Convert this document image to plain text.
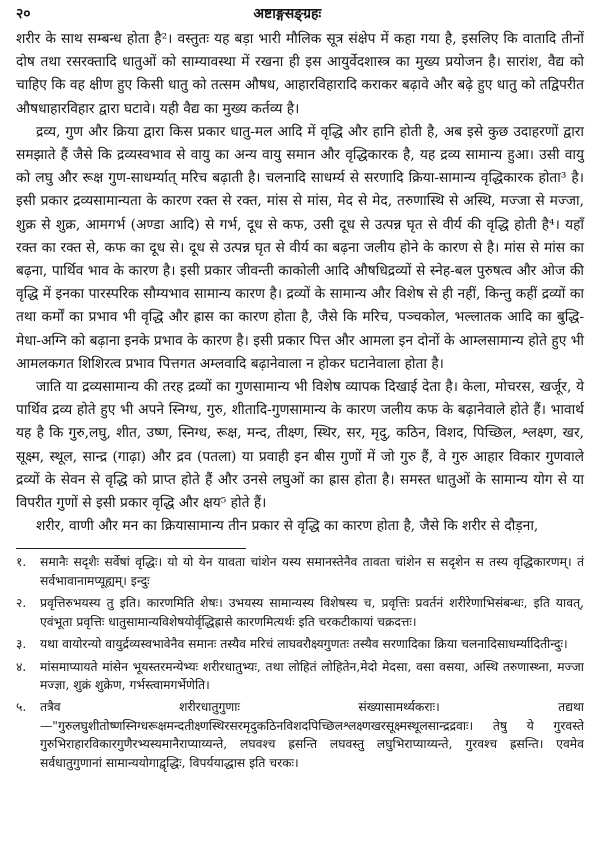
२०	अष्टाङ्गसङ्ग्रहः

शरीर के साथ सम्बन्ध होता है²। वस्तुतः यह बड़ा भारी मौलिक सूत्र संक्षेप में कहा गया है, इसलिए कि वातादि तीनों दोष तथा रसरक्तादि धातुओं को साम्यावस्था में रखना ही इस आयुर्वेदशास्त्र का मुख्य प्रयोजन है। सारांश, वैद्य को चाहिए कि वह क्षीण हुए किसी धातु को तत्सम औषध, आहारविहारादि कराकर बढ़ावे और बढ़े हुए धातु को तद्विपरीत औषधाहारविहार द्वारा घटावे। यही वैद्य का मुख्य कर्तव्य है।

द्रव्य, गुण और क्रिया द्वारा किस प्रकार धातु-मल आदि में वृद्धि और हानि होती है, अब इसे कुछ उदाहरणों द्वारा समझाते हैं जैसे कि द्रव्यस्वभाव से वायु का अन्य वायु समान और वृद्धिकारक है, यह द्रव्य सामान्य हुआ। उसी वायु को लघु और रूक्ष गुण-साधर्म्यात् मरिच बढ़ाती है। चलनादि साधर्म्य से सरणादि क्रिया-सामान्य वृद्धिकारक होता³ है। इसी प्रकार द्रव्यसामान्यता के कारण रक्त से रक्त, मांस से मांस, मेद से मेद, तरुणास्थि से अस्थि, मज्जा से मज्जा, शुक्र से शुक्र, आमगर्भ (अण्डा आदि) से गर्भ, दूध से कफ, उसी दूध से उत्पन्न घृत से वीर्य की वृद्धि होती है⁴। यहाँ रक्त का रक्त से, कफ का दूध से। दूध से उत्पन्न घृत से वीर्य का बढ़ना जलीय होने के कारण से है। मांस से मांस का बढ़ना, पार्थिव भाव के कारण है। इसी प्रकार जीवन्ती काकोली आदि औषधिद्रव्यों से स्नेह-बल पुरुषत्व और ओज की वृद्धि में इनका पारस्परिक सौम्यभाव सामान्य कारण है। द्रव्यों के सामान्य और विशेष से ही नहीं, किन्तु कहीं द्रव्यों का तथा कर्मों का प्रभाव भी वृद्धि और ह्रास का कारण होता है, जैसे कि मरिच, पञ्चकोल, भल्लातक आदि का बुद्धि-मेधा-अग्नि को बढ़ाना इनके प्रभाव के कारण है। इसी प्रकार पित्त और आमला इन दोनों के आम्लसामान्य होते हुए भी आमलकगत शिशिरत्व प्रभाव पित्तगत अम्लवादि बढ़ानेवाला न होकर घटानेवाला होता है।

जाति या द्रव्यसामान्य की तरह द्रव्यों का गुणसामान्य भी विशेष व्यापक दिखाई देता है। केला, मोचरस, खर्जूर, ये पार्थिव द्रव्य होते हुए भी अपने स्निग्ध, गुरु, शीतादि-गुणसामान्य के कारण जलीय कफ के बढ़ानेवाले होते हैं। भावार्थ यह है कि गुरु,लघु, शीत, उष्ण, स्निग्ध, रूक्ष, मन्द, तीक्ष्ण, स्थिर, सर, मृदु, कठिन, विशद, पिच्छिल, श्लक्ष्ण, खर, सूक्ष्म, स्थूल, सान्द्र (गाढ़ा) और द्रव (पतला) या प्रवाही इन बीस गुणों में जो गुरु हैं, वे गुरु आहार विकार गुणवाले द्रव्यों के सेवन से वृद्धि को प्राप्त होते हैं और उनसे लघुओं का ह्रास होता है। समस्त धातुओं के सामान्य योग से या विपरीत गुणों से इसी प्रकार वृद्धि और क्षय⁵ होते हैं।

शरीर, वाणी और मन का क्रियासामान्य तीन प्रकार से वृद्धि का कारण होता है, जैसे कि शरीर से दौड़ना,

१.	समानैः सदृशैः सर्वेषां वृद्धिः। यो यो येन यावता चांशेन यस्य समानस्तेनैव तावता चांशेन स सदृशेन स तस्य वृद्धिकारणम्। तं सर्वभावानामप्यूह्यम्। इन्दुः
२.	प्रवृत्तिरुभयस्य तु इति। कारणमिति शेषः। उभयस्य सामान्यस्य विशेषस्य च, प्रवृत्तिः प्रवर्तनं शरीरेणाभिसंबन्धः, इति यावत्, एवंभूता प्रवृत्तिः धातुसामान्यविशेषयोर्वृद्धिह्रासे कारणमित्यर्थः इति चरकटीकायां चक्रदत्तः।
३.	यथा वायोरन्यो वायुर्द्रव्यस्वभावेनैव समानः तस्यैव मरिचं लाघवरौक्ष्यगुणतः तस्यैव सरणादिका क्रिया चलनादिसाधर्म्यादितीन्दुः।
४.	मांसमाप्यायते मांसेन भूयस्तरमन्येभ्यः शरीरधातुभ्यः, तथा लोहितं लोहितेन,मेदो मेदसा, वसा वसया, अस्थि तरुणास्थ्ना, मज्जा मज्ज्ञा, शुक्रं शुक्रेण, गर्भस्त्वामगर्भेणेति।
५.	तत्रैव शरीरधातुगुणाः संख्यासामर्थ्यकराः। तद्यथा—"गुरुलघुशीतोष्णस्निग्धरूक्षमन्दतीक्ष्णस्थिरसरमृदुकठिनविशदपिच्छिलश्लक्ष्णखरसूक्ष्मस्थूलसान्द्रद्रवाः। तेषु ये गुरवस्ते गुरुभिराहारविकारगुणैरभ्यस्यमानैराप्याय्यन्ते, लघवश्च ह्रसन्ति लघवस्तु लघुभिराप्याय्यन्ते, गुरवश्च ह्रसन्ति। एवमेव सर्वधातुगुणानां सामान्ययोगाद्वृद्धिः, विपर्ययाद्धास इति चरकः।
